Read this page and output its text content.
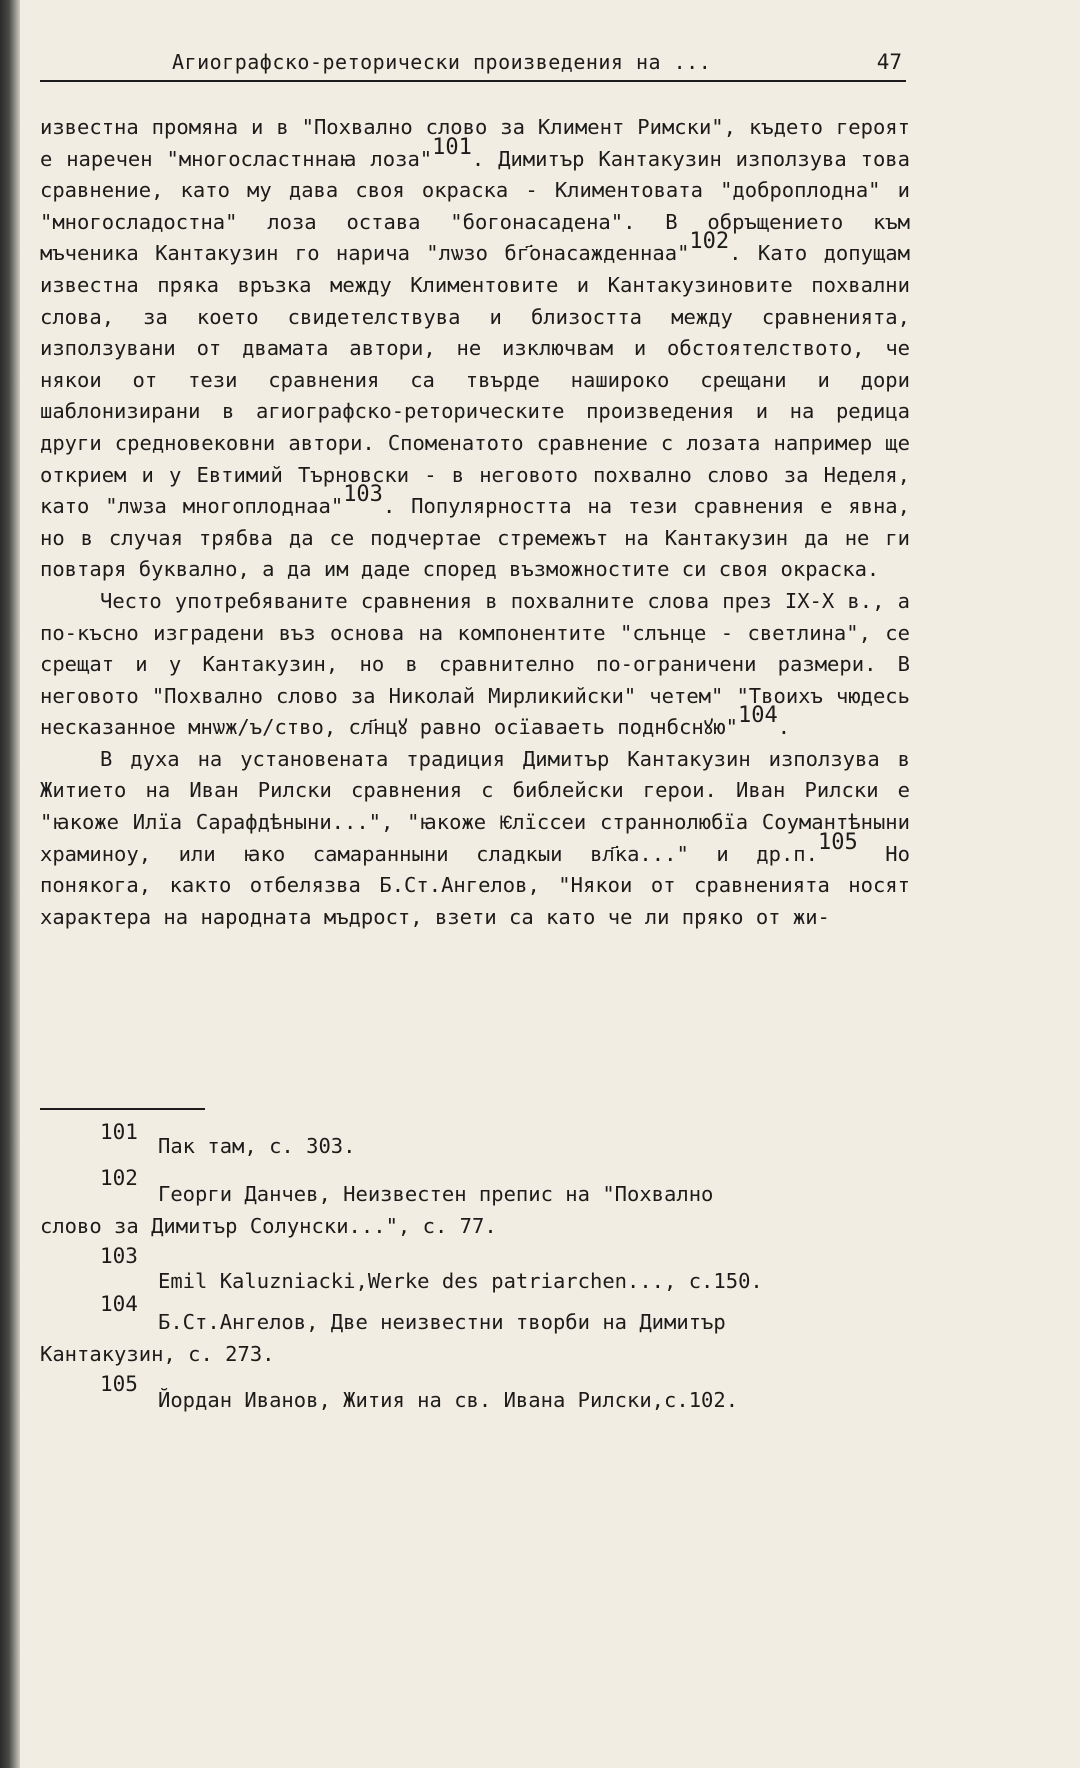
Агиографско-реторически произведения на ...	47

известна промяна и в "Похвално слово за Климент Римски", където героят е наречен "многосластннаꙗ лоза"$^{101}$. Димитър Кантакузин използува това сравнение, като му дава своя окраска - Климентовата "доброплодна" и "многосладостна" лоза остава "богонасадена". В обръщението към мъченика Кантакузин го нарича "лѡзо бг҃онасажденнаа"$^{102}$. Като допущам известна пряка връзка между Климентовите и Кантакузиновите похвални слова, за което свидетелствува и близостта между сравненията, използувани от двамата автори, не изключвам и обстоятелството, че някои от тези сравнения са твърде нашироко срещани и дори шаблонизирани в агиографско-реторическите произведения и на редица други средновековни автори. Споменатото сравнение с лозата например ще открием и у Евтимий Търновски - в неговото похвално слово за Неделя, като "лѡза многоплоднаа"$^{103}$. Популярността на тези сравнения е явна, но в случая трябва да се подчертае стремежът на Кантакузин да не ги повтаря буквално, а да им даде според възможностите си своя окраска.

Често употребяваните сравнения в похвалните слова през IX-X в., а по-късно изградени въз основа на компонентите "слънце - светлина", се срещат и у Кантакузин, но в сравнително по-ограничени размери. В неговото "Похвално слово за Николай Мирликийски" четем" "Твоихъ чюдесь несказанное мнѡж/ъ/ство, сл҃нцꙋ равно осїаваеть поднбснꙋю"$^{104}$.

В духа на установената традиция Димитър Кантакузин използува в Житието на Иван Рилски сравнения с библейски герои. Иван Рилски е "ꙗкоже Илїа Сарафдѣныни...", "ꙗкоже Ѥлїссеи страннолюбїа Соумантѣныни храминоу, или ꙗко самаранныни сладкыи вл҃ка..." и др.п.$^{105}$ Но понякога, както отбелязва Б.Ст.Ангелов, "Някои от сравненията носят характера на народната мъдрост, взети са като че ли пряко от жи-

101
Пак там, с. 303.
102
Георги Данчев, Неизвестен препис на "Похвално
слово за Димитър Солунски...", с. 77.
103
Emil Kaluzniacki,Werke des patriarchen..., с.150.
104
Б.Ст.Ангелов, Две неизвестни творби на Димитър
Кантакузин, с. 273.
105
Йордан Иванов, Жития на св. Ивана Рилски,с.102.
